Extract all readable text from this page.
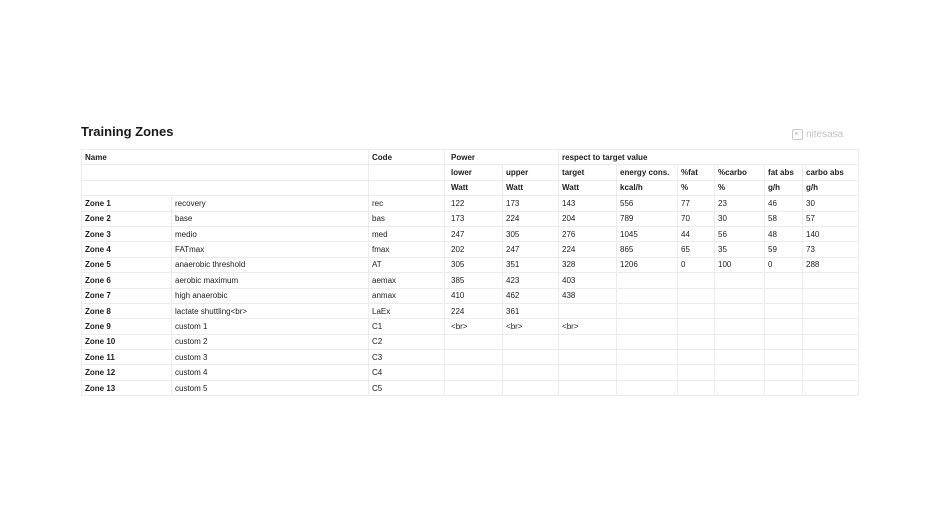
Training Zones	nitesasa
Name		Code	Power		respect to target value					
			lower	upper	target	energy cons.	%fat	%carbo	fat abs	carbo abs
			Watt	Watt	Watt	kcal/h	%	%	g/h	g/h
Zone 1	recovery	rec	122	173	143	556	77	23	46	30
Zone 2	base	bas	173	224	204	789	70	30	58	57
Zone 3	medio	med	247	305	276	1045	44	56	48	140
Zone 4	FATmax	fmax	202	247	224	865	65	35	59	73
Zone 5	anaerobic threshold	AT	305	351	328	1206	0	100	0	288
Zone 6	aerobic maximum	aemax	385	423	403					
Zone 7	high anaerobic	anmax	410	462	438					
Zone 8	lactate shuttling<br>	LaEx	224	361						
Zone 9	custom 1	C1	<br>	<br>	<br>					
Zone 10	custom 2	C2								
Zone 11	custom 3	C3								
Zone 12	custom 4	C4								
Zone 13	custom 5	C5								
